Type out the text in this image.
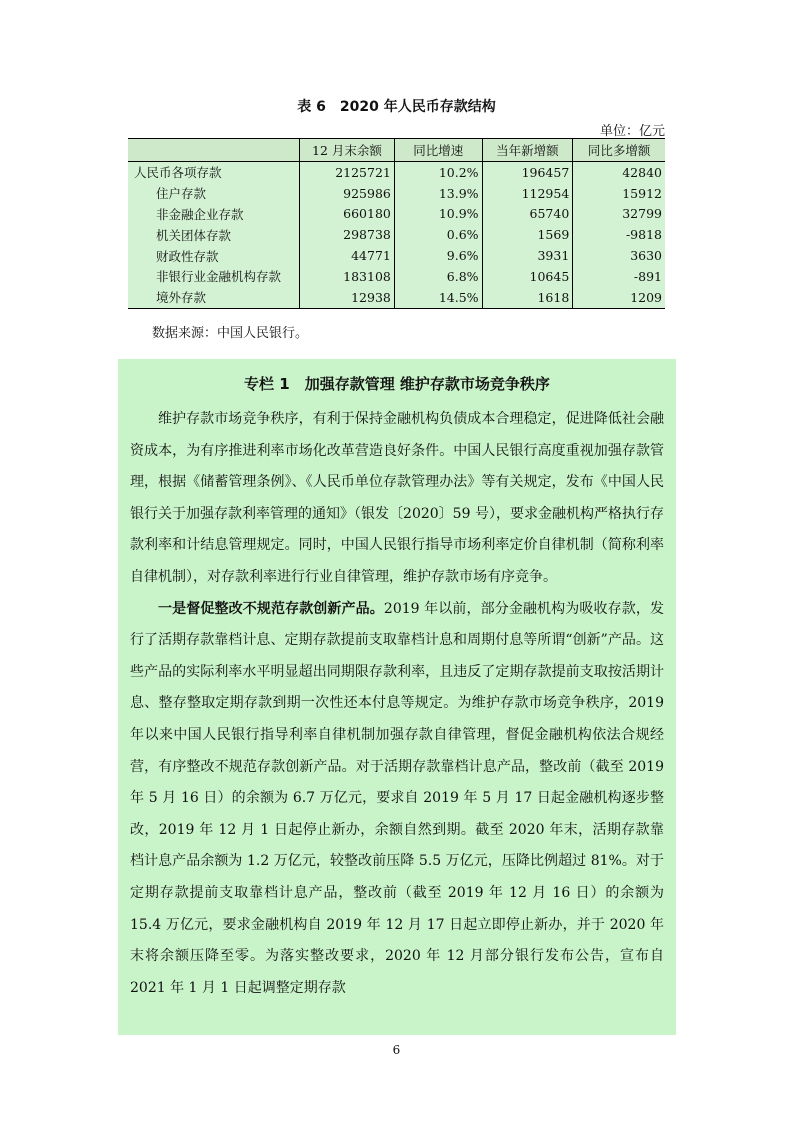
表 6　2020 年人民币存款结构
单位：亿元
	12 月末余额	同比增速	当年新增额	同比多增额
人民币各项存款	2125721	10.2%	196457	42840
住户存款	925986	13.9%	112954	15912
非金融企业存款	660180	10.9%	65740	32799
机关团体存款	298738	0.6%	1569	-9818
财政性存款	44771	9.6%	3931	3630
非银行业金融机构存款	183108	6.8%	10645	-891
境外存款	12938	14.5%	1618	1209
数据来源：中国人民银行。
专栏 1　加强存款管理 维护存款市场竞争秩序

维护存款市场竞争秩序，有利于保持金融机构负债成本合理稳定，促进降低社会融资成本，为有序推进利率市场化改革营造良好条件。中国人民银行高度重视加强存款管理，根据《储蓄管理条例》、《人民币单位存款管理办法》等有关规定，发布《中国人民银行关于加强存款利率管理的通知》（银发〔2020〕59 号），要求金融机构严格执行存款利率和计结息管理规定。同时，中国人民银行指导市场利率定价自律机制（简称利率自律机制），对存款利率进行行业自律管理，维护存款市场有序竞争。

一是督促整改不规范存款创新产品。2019 年以前，部分金融机构为吸收存款，发行了活期存款靠档计息、定期存款提前支取靠档计息和周期付息等所谓“创新”产品。这些产品的实际利率水平明显超出同期限存款利率，且违反了定期存款提前支取按活期计息、整存整取定期存款到期一次性还本付息等规定。为维护存款市场竞争秩序，2019 年以来中国人民银行指导利率自律机制加强存款自律管理，督促金融机构依法合规经营，有序整改不规范存款创新产品。对于活期存款靠档计息产品，整改前（截至 2019 年 5 月 16 日）的余额为 6.7 万亿元，要求自 2019 年 5 月 17 日起金融机构逐步整改，2019 年 12 月 1 日起停止新办，余额自然到期。截至 2020 年末，活期存款靠档计息产品余额为 1.2 万亿元，较整改前压降 5.5 万亿元，压降比例超过 81%。对于定期存款提前支取靠档计息产品，整改前（截至 2019 年 12 月 16 日）的余额为 15.4 万亿元，要求金融机构自 2019 年 12 月 17 日起立即停止新办，并于 2020 年末将余额压降至零。为落实整改要求，2020 年 12 月部分银行发布公告，宣布自 2021 年 1 月 1 日起调整定期存款

6
